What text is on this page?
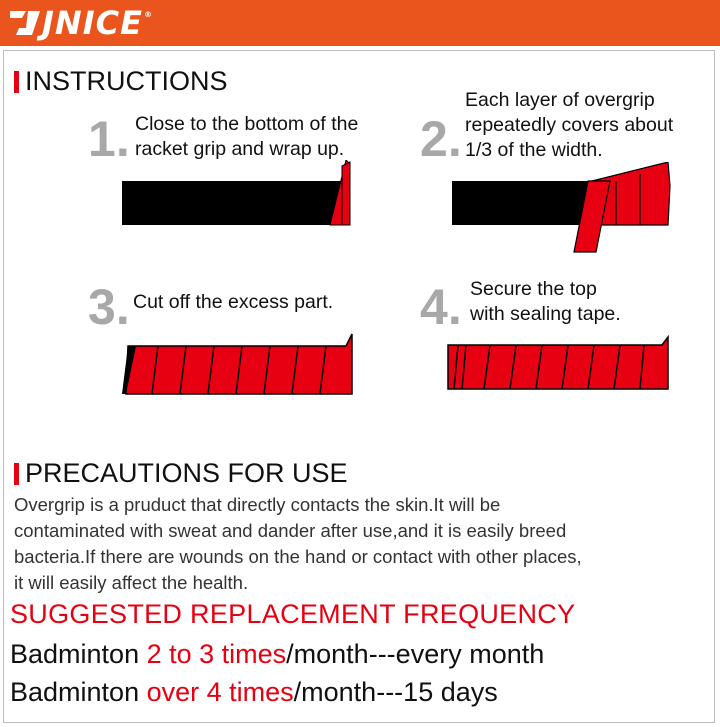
JNICE ®
INSTRUCTIONS
1. Close to the bottom of the
racket grip and wrap up.
Each layer of overgrip
repeatedly covers about
1/3 of the width.
2.
3. Cut off the excess part. 4. Secure the top
with sealing tape.
PRECAUTIONS FOR USE
Overgrip is a pruduct that directly contacts the skin.It will be
contaminated with sweat and dander after use,and it is easily breed
bacteria.If there are wounds on the hand or contact with other places,
it will easily affect the health.
SUGGESTED REPLACEMENT FREQUENCY
Badminton 2 to 3 times/month---every month
Badminton over 4 times/month---15 days
